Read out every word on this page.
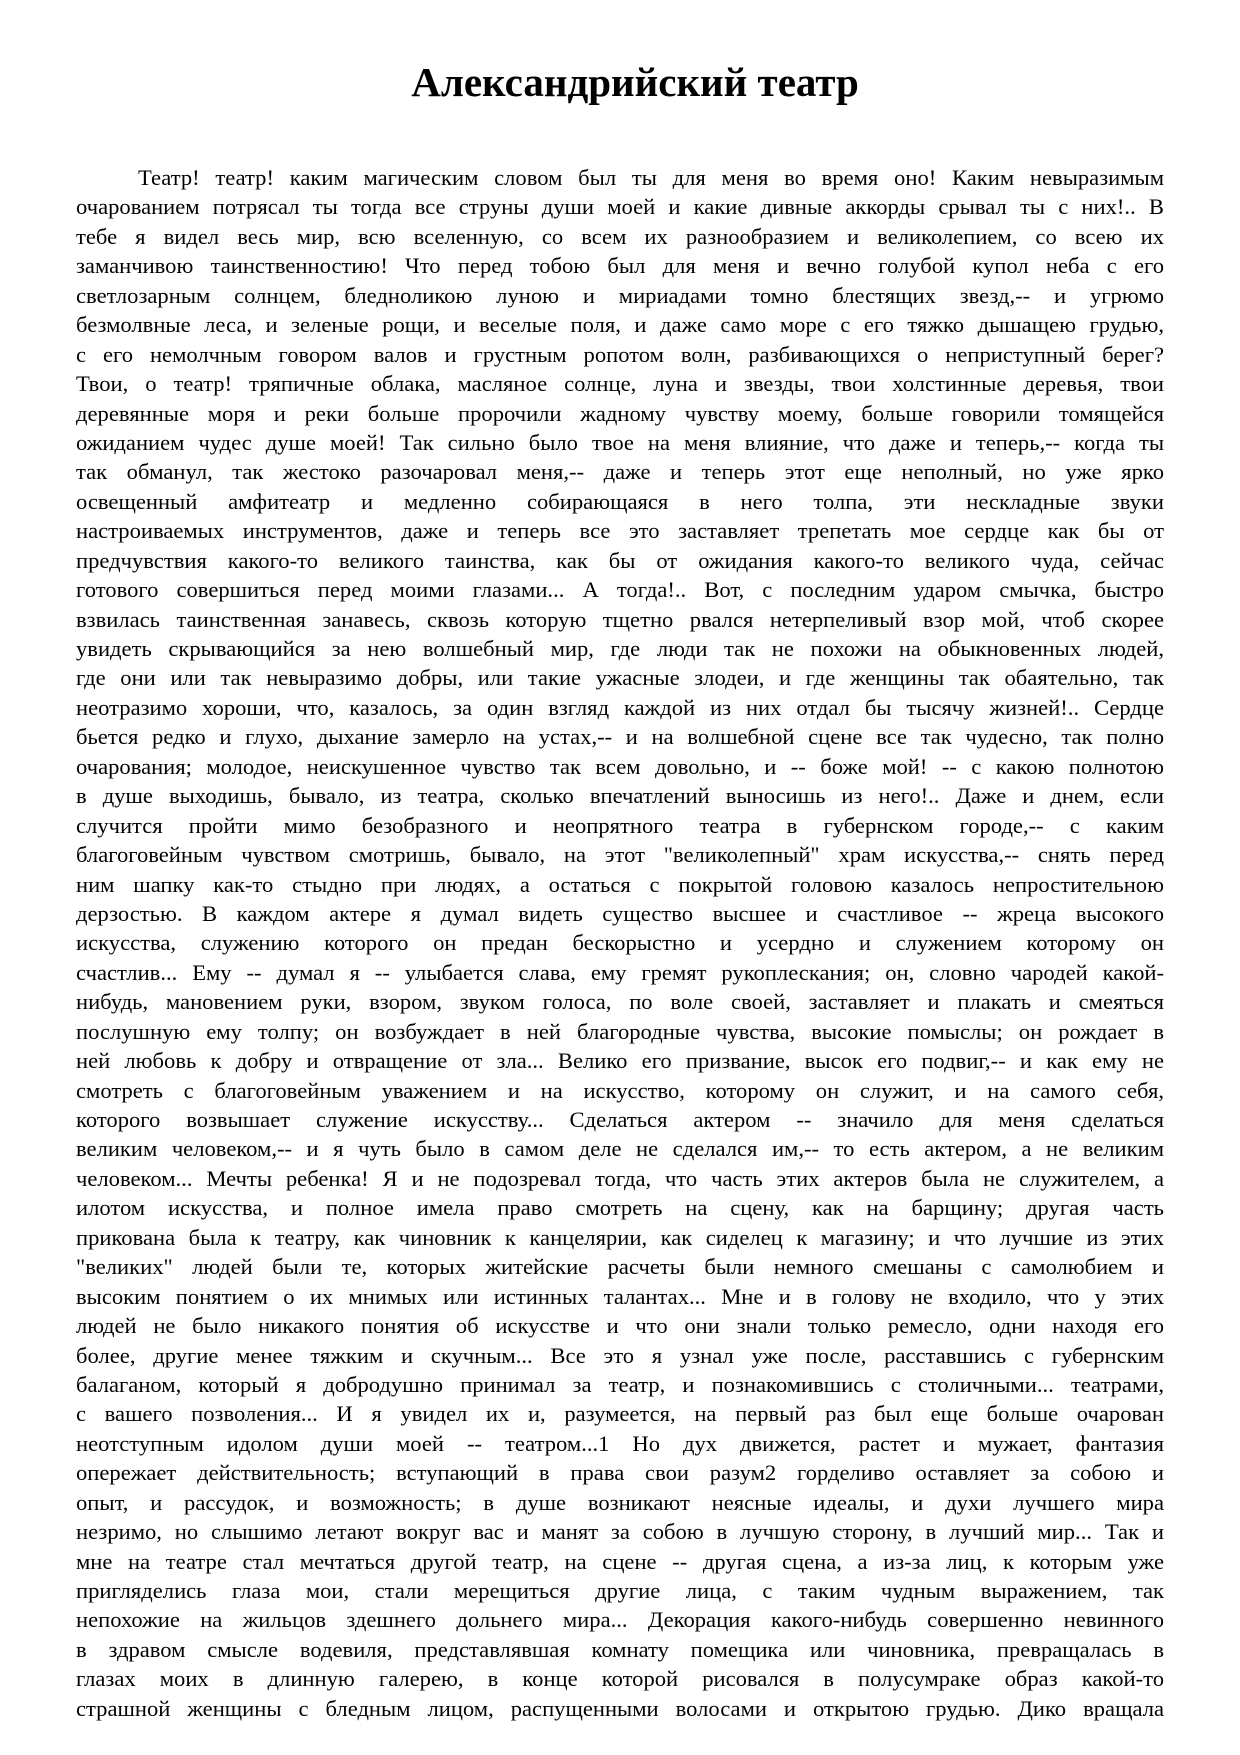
Александрийский театр
Театр! театр! каким магическим словом был ты для меня во время оно! Каким невыразимым
очарованием потрясал ты тогда все струны души моей и какие дивные аккорды срывал ты с них!.. В
тебе я видел весь мир, всю вселенную, со всем их разнообразием и великолепием, со всею их
заманчивою таинственностию! Что перед тобою был для меня и вечно голубой купол неба с его
светлозарным солнцем, бледноликою луною и мириадами томно блестящих звезд,-- и угрюмо
безмолвные леса, и зеленые рощи, и веселые поля, и даже само море с его тяжко дышащею грудью,
с его немолчным говором валов и грустным ропотом волн, разбивающихся о неприступный берег?
Твои, о театр! тряпичные облака, масляное солнце, луна и звезды, твои холстинные деревья, твои
деревянные моря и реки больше пророчили жадному чувству моему, больше говорили томящейся
ожиданием чудес душе моей! Так сильно было твое на меня влияние, что даже и теперь,-- когда ты
так обманул, так жестоко разочаровал меня,-- даже и теперь этот еще неполный, но уже ярко
освещенный амфитеатр и медленно собирающаяся в него толпа, эти нескладные звуки
настроиваемых инструментов, даже и теперь все это заставляет трепетать мое сердце как бы от
предчувствия какого-то великого таинства, как бы от ожидания какого-то великого чуда, сейчас
готового совершиться перед моими глазами... А тогда!.. Вот, с последним ударом смычка, быстро
взвилась таинственная занавесь, сквозь которую тщетно рвался нетерпеливый взор мой, чтоб скорее
увидеть скрывающийся за нею волшебный мир, где люди так не похожи на обыкновенных людей,
где они или так невыразимо добры, или такие ужасные злодеи, и где женщины так обаятельно, так
неотразимо хороши, что, казалось, за один взгляд каждой из них отдал бы тысячу жизней!.. Сердце
бьется редко и глухо, дыхание замерло на устах,-- и на волшебной сцене все так чудесно, так полно
очарования; молодое, неискушенное чувство так всем довольно, и -- боже мой! -- с какою полнотою
в душе выходишь, бывало, из театра, сколько впечатлений выносишь из него!.. Даже и днем, если
случится пройти мимо безобразного и неопрятного театра в губернском городе,-- с каким
благоговейным чувством смотришь, бывало, на этот "великолепный" храм искусства,-- снять перед
ним шапку как-то стыдно при людях, а остаться с покрытой головою казалось непростительною
дерзостью. В каждом актере я думал видеть существо высшее и счастливое -- жреца высокого
искусства, служению которого он предан бескорыстно и усердно и служением которому он
счастлив... Ему -- думал я -- улыбается слава, ему гремят рукоплескания; он, словно чародей какой-
нибудь, мановением руки, взором, звуком голоса, по воле своей, заставляет и плакать и смеяться
послушную ему толпу; он возбуждает в ней благородные чувства, высокие помыслы; он рождает в
ней любовь к добру и отвращение от зла... Велико его призвание, высок его подвиг,-- и как ему не
смотреть с благоговейным уважением и на искусство, которому он служит, и на самого себя,
которого возвышает служение искусству... Сделаться актером -- значило для меня сделаться
великим человеком,-- и я чуть было в самом деле не сделался им,-- то есть актером, а не великим
человеком... Мечты ребенка! Я и не подозревал тогда, что часть этих актеров была не служителем, а
илотом искусства, и полное имела право смотреть на сцену, как на барщину; другая часть
прикована была к театру, как чиновник к канцелярии, как сиделец к магазину; и что лучшие из этих
"великих" людей были те, которых житейские расчеты были немного смешаны с самолюбием и
высоким понятием о их мнимых или истинных талантах... Мне и в голову не входило, что у этих
людей не было никакого понятия об искусстве и что они знали только ремесло, одни находя его
более, другие менее тяжким и скучным... Все это я узнал уже после, расставшись с губернским
балаганом, который я добродушно принимал за театр, и познакомившись с столичными... театрами,
с вашего позволения... И я увидел их и, разумеется, на первый раз был еще больше очарован
неотступным идолом души моей -- театром...1 Но дух движется, растет и мужает, фантазия
опережает действительность; вступающий в права свои разум2 горделиво оставляет за собою и
опыт, и рассудок, и возможность; в душе возникают неясные идеалы, и духи лучшего мира
незримо, но слышимо летают вокруг вас и манят за собою в лучшую сторону, в лучший мир... Так и
мне на театре стал мечтаться другой театр, на сцене -- другая сцена, а из-за лиц, к которым уже
пригляделись глаза мои, стали мерещиться другие лица, с таким чудным выражением, так
непохожие на жильцов здешнего дольнего мира... Декорация какого-нибудь совершенно невинного
в здравом смысле водевиля, представлявшая комнату помещика или чиновника, превращалась в
глазах моих в длинную галерею, в конце которой рисовался в полусумраке образ какой-то
страшной женщины с бледным лицом, распущенными волосами и открытою грудью. Дико вращала
